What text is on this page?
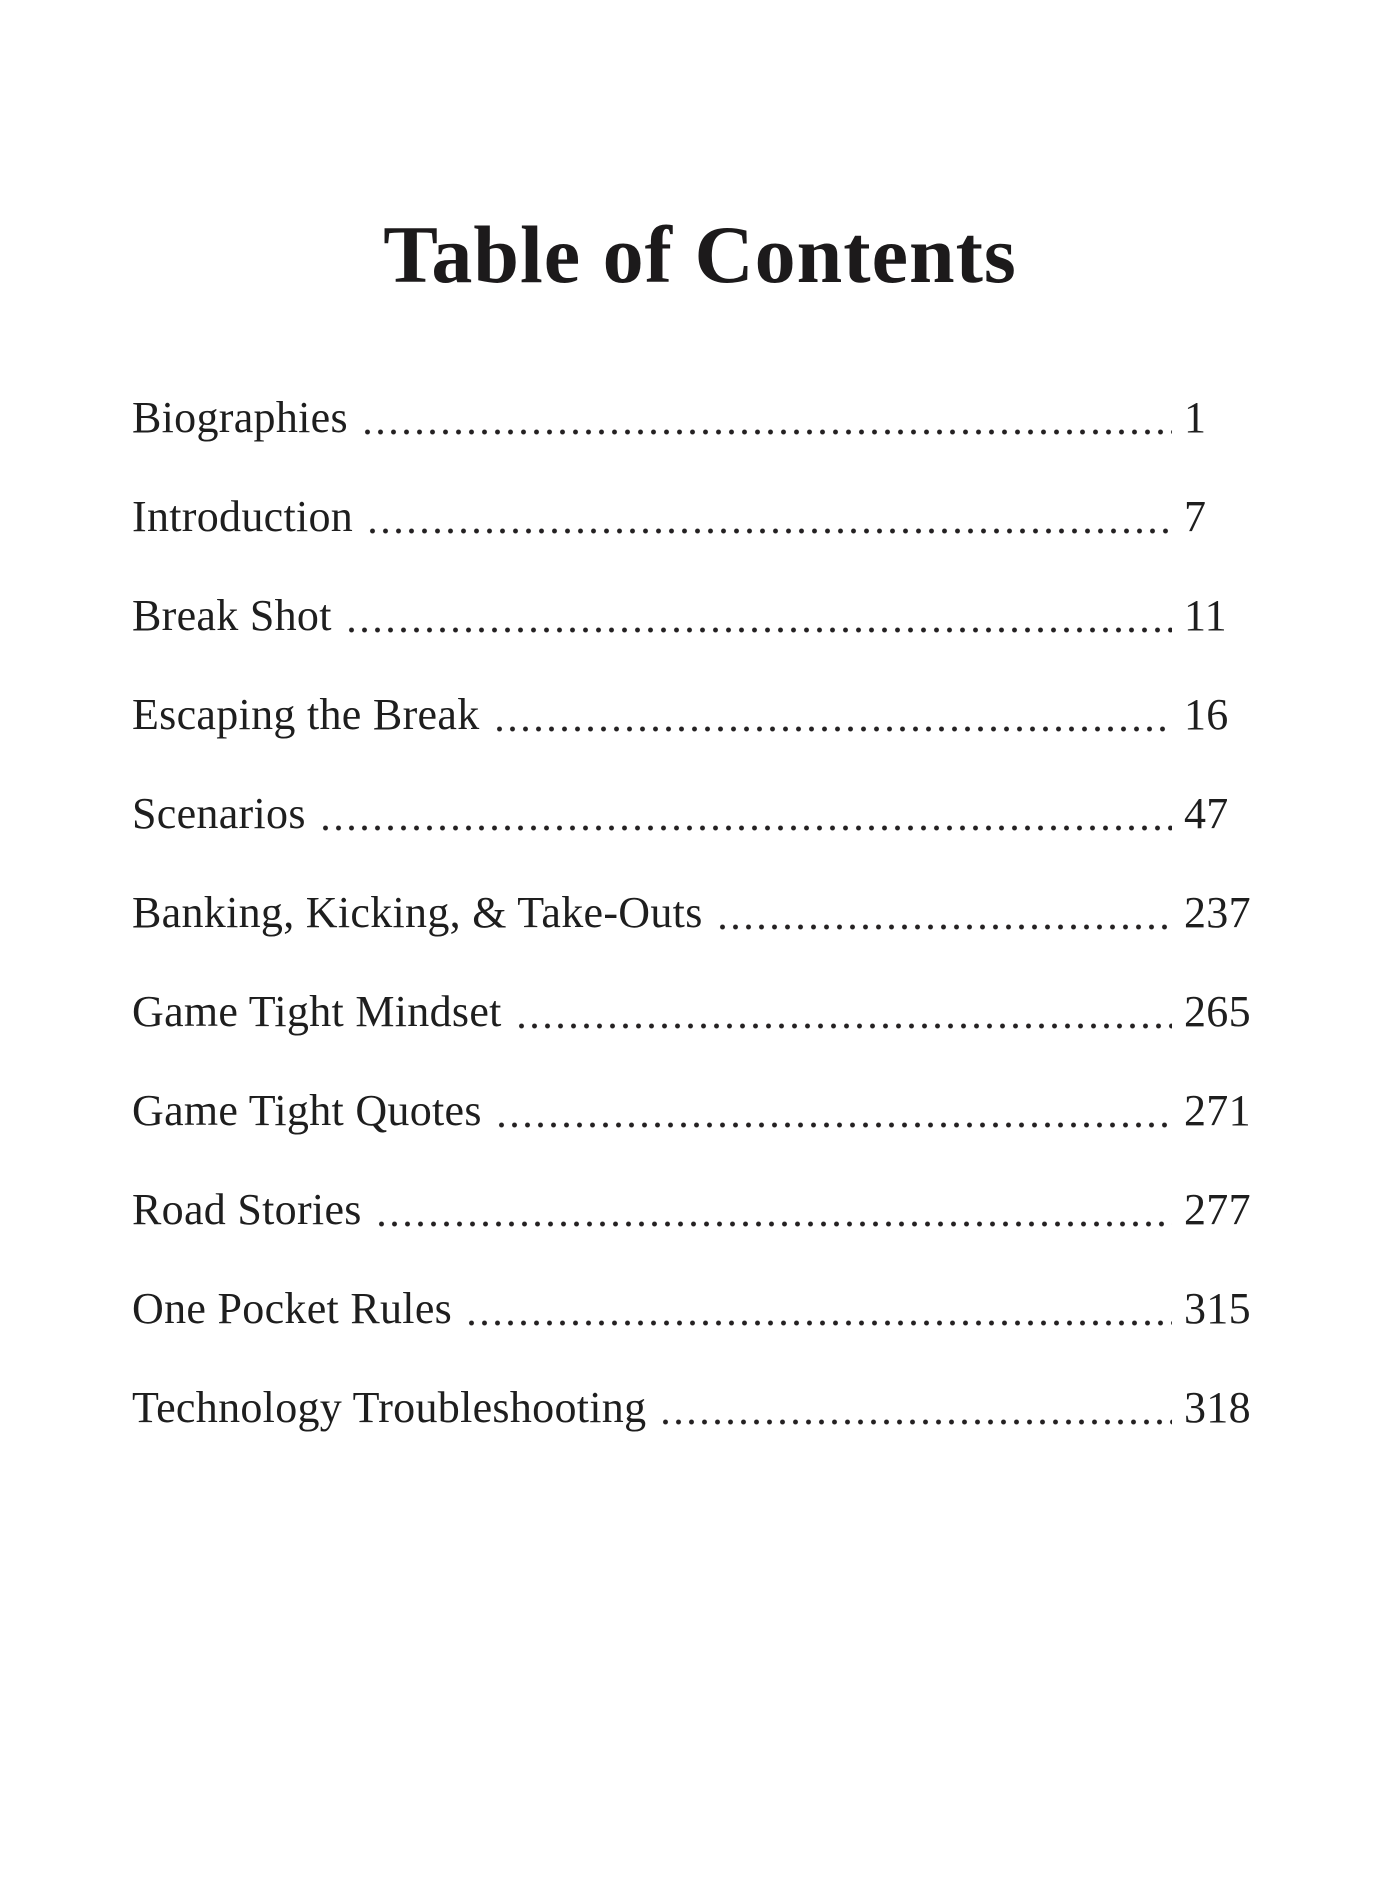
Table of Contents
Biographies	1
Introduction	7
Break Shot	11
Escaping the Break	16
Scenarios	47
Banking, Kicking, & Take-Outs	237
Game Tight Mindset	265
Game Tight Quotes	271
Road Stories	277
One Pocket Rules	315
Technology Troubleshooting	318
